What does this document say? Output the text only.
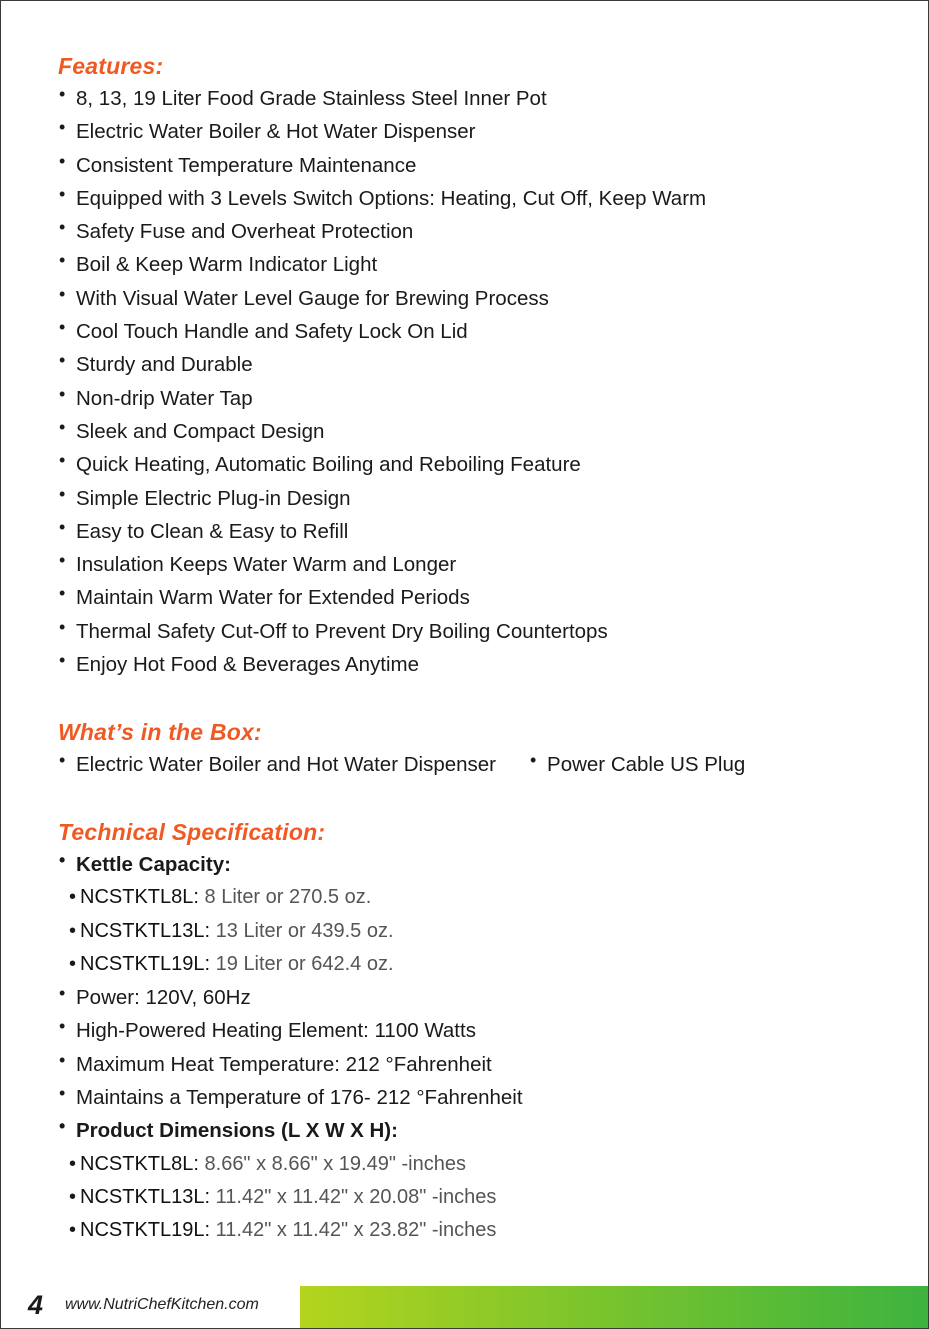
Features:
• 8, 13, 19 Liter Food Grade Stainless Steel Inner Pot
• Electric Water Boiler & Hot Water Dispenser
• Consistent Temperature Maintenance
• Equipped with 3 Levels Switch Options: Heating, Cut Off, Keep Warm
• Safety Fuse and Overheat Protection
• Boil & Keep Warm Indicator Light
• With Visual Water Level Gauge for Brewing Process
• Cool Touch Handle and Safety Lock On Lid
• Sturdy and Durable
• Non-drip Water Tap
• Sleek and Compact Design
• Quick Heating, Automatic Boiling and Reboiling Feature
• Simple Electric Plug-in Design
• Easy to Clean & Easy to Refill
• Insulation Keeps Water Warm and Longer
• Maintain Warm Water for Extended Periods
• Thermal Safety Cut-Off to Prevent Dry Boiling Countertops
• Enjoy Hot Food & Beverages Anytime
What’s in the Box:
• Electric Water Boiler and Hot Water Dispenser • Power Cable US Plug
Technical Specification:
• Kettle Capacity:
• NCSTKTL8L: 8 Liter or 270.5 oz.
• NCSTKTL13L: 13 Liter or 439.5 oz.
• NCSTKTL19L: 19 Liter or 642.4 oz.
• Power: 120V, 60Hz
• High-Powered Heating Element: 1100 Watts
• Maximum Heat Temperature: 212 °Fahrenheit
• Maintains a Temperature of 176- 212 °Fahrenheit
• Product Dimensions (L X W X H):
• NCSTKTL8L: 8.66" x 8.66" x 19.49" -inches
• NCSTKTL13L: 11.42" x 11.42" x 20.08" -inches
• NCSTKTL19L: 11.42" x 11.42" x 23.82" -inches
4 www.NutriChefKitchen.com
